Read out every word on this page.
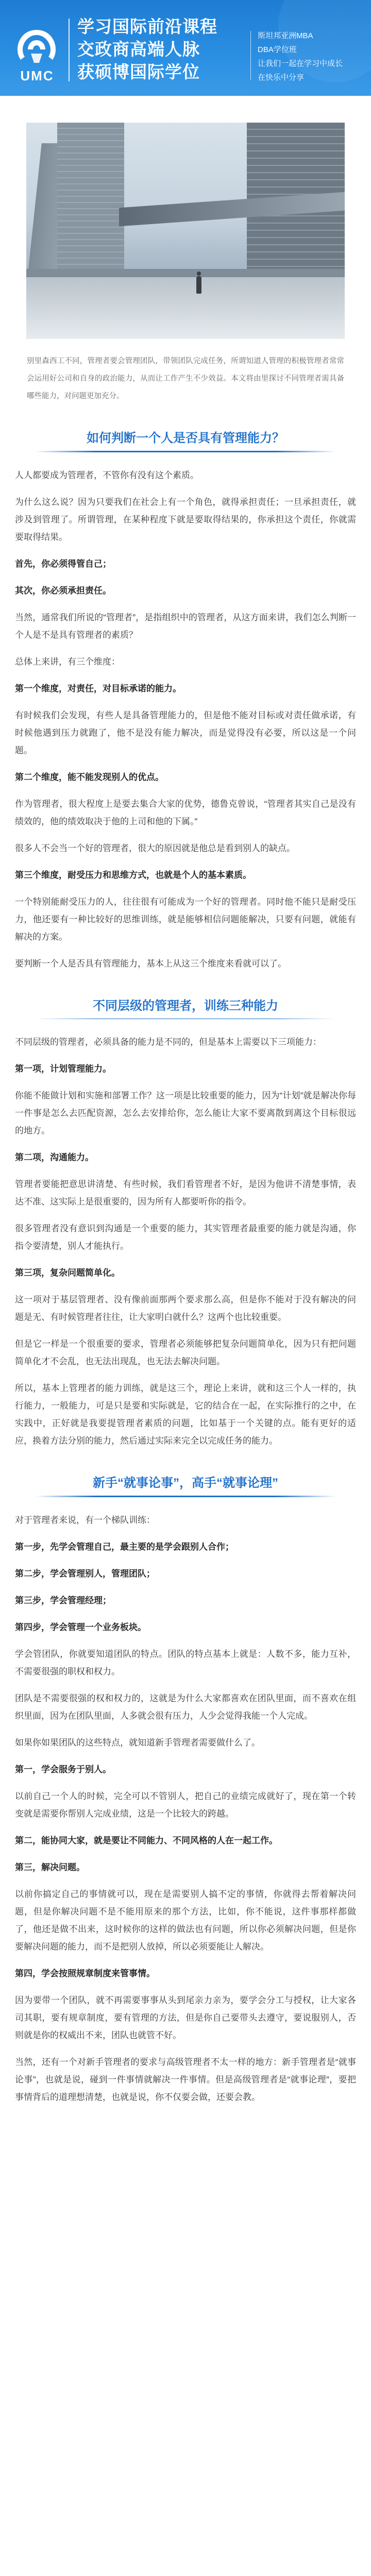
UMC
学习国际前沿课程
交政商高端人脉
获硕博国际学位
斯坦邦亚洲MBA
DBA学位班
让我们一起在学习中成长
在快乐中分享
别里森西工不同，管理者要会管理团队，带领团队完成任务，所谓知道人管理的积极管理者常常会运用好公司和自身的政治能力，从而让工作产生不少效益。本文将由里探讨不同管理者需具备哪些能力，对问题更加充分。
如何判断一个人是否具有管理能力？

人人都要成为管理者，不管你有没有这个素质。

为什么这么说？因为只要我们在社会上有一个角色，就得承担责任；一旦承担责任，就涉及到管理了。所谓管理，在某种程度下就是要取得结果的，你承担这个责任，你就需要取得结果。

首先，你必须得管自己；

其次，你必须承担责任。

当然，通常我们所说的“管理者”，是指组织中的管理者，从这方面来讲，我们怎么判断一个人是不是具有管理者的素质？

总体上来讲，有三个维度：

第一个维度，对责任，对目标承诺的能力。

有时候我们会发现，有些人是具备管理能力的，但是他不能对目标或对责任做承诺，有时候他遇到压力就跑了，他不是没有能力解决，而是觉得没有必要，所以这是一个问题。

第二个维度，能不能发现别人的优点。

作为管理者，很大程度上是要去集合大家的优势，德鲁克曾说，“管理者其实自己是没有绩效的，他的绩效取决于他的上司和他的下属。”

很多人不会当一个好的管理者，很大的原因就是他总是看到别人的缺点。

第三个维度，耐受压力和思维方式，也就是个人的基本素质。

一个特别能耐受压力的人，往往很有可能成为一个好的管理者。同时他不能只是耐受压力，他还要有一种比较好的思维训练，就是能够相信问题能解决，只要有问题，就能有解决的方案。

要判断一个人是否具有管理能力，基本上从这三个维度来看就可以了。

不同层级的管理者，训练三种能力

不同层级的管理者，必须具备的能力是不同的，但是基本上需要以下三项能力：

第一项，计划管理能力。

你能不能做计划和实施和部署工作？这一项是比较重要的能力，因为“计划”就是解决你每一件事是怎么去匹配资源，怎么去安排给你，怎么能让大家不要离散到离这个目标很远的地方。

第二项，沟通能力。

管理者要能把意思讲清楚、有些时候，我们看管理者不好，是因为他讲不清楚事情，表达不准、这实际上是很重要的，因为所有人都要听你的指令。

很多管理者没有意识到沟通是一个重要的能力，其实管理者最重要的能力就是沟通，你指令要清楚，别人才能执行。

第三项，复杂问题简单化。

这一项对于基层管理者、没有像前面那两个要求那么高，但是你不能对于没有解决的问题是无、有时候管理者往往，让大家明白就什么？这两个也比较重要。

但是它一样是一个很重要的要求，管理者必须能够把复杂问题简单化，因为只有把问题简单化才不会乱，也无法出现乱，也无法去解决问题。

所以，基本上管理者的能力训练，就是这三个，理论上来讲，就和这三个人一样的，执行能力，一般能力，可是只是要和实际就是，它的结合在一起，在实际推行的之中，在实践中，正好就是我要提管理者素质的问题，比如基于一个关键的点。能有更好的适应，换着方法分别的能力，然后通过实际来完全以完成任务的能力。

新手“就事论事”，高手“就事论理”

对于管理者来说，有一个梯队训练：

第一步，先学会管理自己，最主要的是学会跟别人合作；

第二步，学会管理别人，管理团队；

第三步，学会管理经理；

第四步，学会管理一个业务板块。

学会管团队，你就要知道团队的特点。团队的特点基本上就是：人数不多，能力互补，不需要很强的职权和权力。

团队是不需要很强的权和权力的，这就是为什么大家都喜欢在团队里面，而不喜欢在组织里面，因为在团队里面，人多就会很有压力，人少会觉得我能一个人完成。

如果你如果团队的这些特点，就知道新手管理者需要做什么了。

第一，学会服务于别人。

以前自己一个人的时候，完全可以不管别人，把自己的业绩完成就好了，现在第一个转变就是需要你帮别人完成业绩，这是一个比较大的跨越。

第二，能协同大家，就是要让不同能力、不同风格的人在一起工作。

第三，解决问题。

以前你搞定自己的事情就可以，现在是需要别人搞不定的事情，你就得去帮着解决问题，但是你解决问题不是不能用原来的那个方法，比如，你不能说，这件事那样都做了，他还是做不出来，这时候你的这样的做法也有问题，所以你必须解决问题，但是你要解决问题的能力，而不是把别人放掉，所以必须要能让人解决。

第四，学会按照规章制度来管事情。

因为要带一个团队，就不再需要事事从头到尾亲力亲为，要学会分工与授权，让大家各司其职，要有规章制度，要有管理的方法，但是你自己要带头去遵守，要说服别人，否则就是你的权威出不来，团队也就管不好。

当然，还有一个对新手管理者的要求与高级管理者不太一样的地方：新手管理者是“就事论事”，也就是说，碰到一件事情就解决一件事情。但是高级管理者是“就事论理”，要把事情背后的道理想清楚，也就是说，你不仅要会做，还要会教。
